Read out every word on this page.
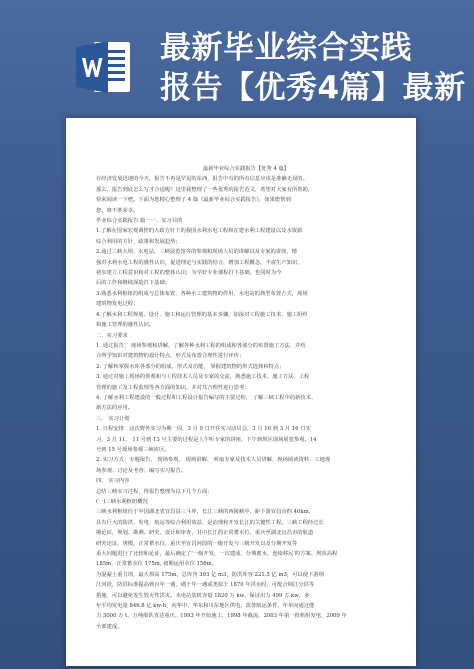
最新毕业综合实践
报告【优秀4篇】最新

最新毕业综合实践报告【优秀 4 篇】

在经济发展迅速的今天，报告不再是罕见的东西，报告中有的所有信息应该是准确无误的。

那么，报告到底怎么写才合适呢？这里我整理了一些优秀的报告范文，希望对大家有所帮助，

快来阅读一下吧。下面为您精心整理了 4 篇《最新毕业综合实践报告》，如果能帮到

您，将不胜荣幸。

毕业综合实践报告 篇一一、实习目的

1.了解在国家宏观调控的大政方针下的我国水利水电工程和在建水利工程建设以及水资源

综合利用的方针，政策和发展趋势；

2.通过三峡大坝、水电站、三峡展览馆等的参观和现场人员的讲解以及专家的讲座，增

强对水利水电工程的感性认识，促进理论与实践的结合，增加工程概念，丰富生产知识，

初步建立工程意识和对工程的整体认识，为学好专业课程打下基础，也同时为今

后的工作和继续深造打下基础；

3.熟悉水利枢纽的组成与总体布置，各种水工建筑物的作用，水电站的典型布置方式，现场

建筑物发电过程；

4.了解水利工程规划、设计、施工和运行管理的基本步骤，加深对工程施工技术、施工组织

和施工管理的感性认识。

二、实习要求

1. 通过报告、 现场参观和讲解，了解各种水利工程的组成和各部分的布置施工方法，并结

合所学知识对建筑物的设计特点、形式及布置合理性进行评价；

2. 了解和掌握水库各部分的组成、形式及功能， 掌握建筑物的形式选择和特点；

3. 通过对施工现场的参观和与工程技术人员及专家的交流，熟悉施工技术、施工方法，工程

管理的施工及工程监理等各方面的知识，并对其合理性进行思考；

4. 了解水利工程建设的一般过程和工程设计报告编写的主要过程， 了解三峡工程中的新技术、

新方法的应用。

三、 实习计划

1. 日程安排：这次野外实习为期一周，3 月 9 日开往实习动员会，3 月 10 到 3 月 16 日实

习，3 月 11、 11 号到 13 号主要的过程是上午听专家的讲座，下午到坝区现场展览参观，14

号到 15 号现场参观三峡库区。

2. 实习方式：专题报告、 现场参观、 现场讲解、 听取专家及技术人员讲解、现场阅读资料、工地现

场参观、讨论及考查、编写实习报告。

四、 实习内容

总结三峡实习过程，得报告整理为以下几个方面：

(一)三峡水利枢纽概况

三峡水利枢纽位于中国湖北省宜昌县三斗坪，长江三峡的西陵峡中，距下游宜昌市约 40km，

具有巨大的防洪、发电、航运等综合利用效益，是治理和开发长江的关键性工程。三峡工程经过长

期论证，规划、勘测、研究，设计和审查，其中长江的正常蓄水位、重庆至湖北宜昌市的航道

研究论证，规模，正常蓄水位，重庆至宜昌河段的一级开发与三级开发以及分期开发等

重大问题进行了比较和论证，最后确定了'一级开发，一次建成，分期蓄水，连续移民'的方案。坝顶高程

185m，正常蓄水位 175m, 初期运用水位 156m。

为混凝土重力坝，最大坝高 175m，总库容 393 亿 m3，防洪库容 221.5 亿 m3，可以使下游荆

江河段，防洪标准提高到百年一遇，遇千年一遇或类似于 1870 年洪水时，可配合荆江分洪等

措施，可以避免发生毁灭性洪灾。水电站装机容量 1820 万 kw，保证出力 499 万 kw，多

年平均发电量 846.8 亿 kw·h，向华中、华东和川东地区供电，改善航运条件，年单向通过能

力 5000 万 t，万吨船队直达重庆。1993 年开始施工，1998 年截流，2003 年第一批机组发电，2009 年

全部建成。
